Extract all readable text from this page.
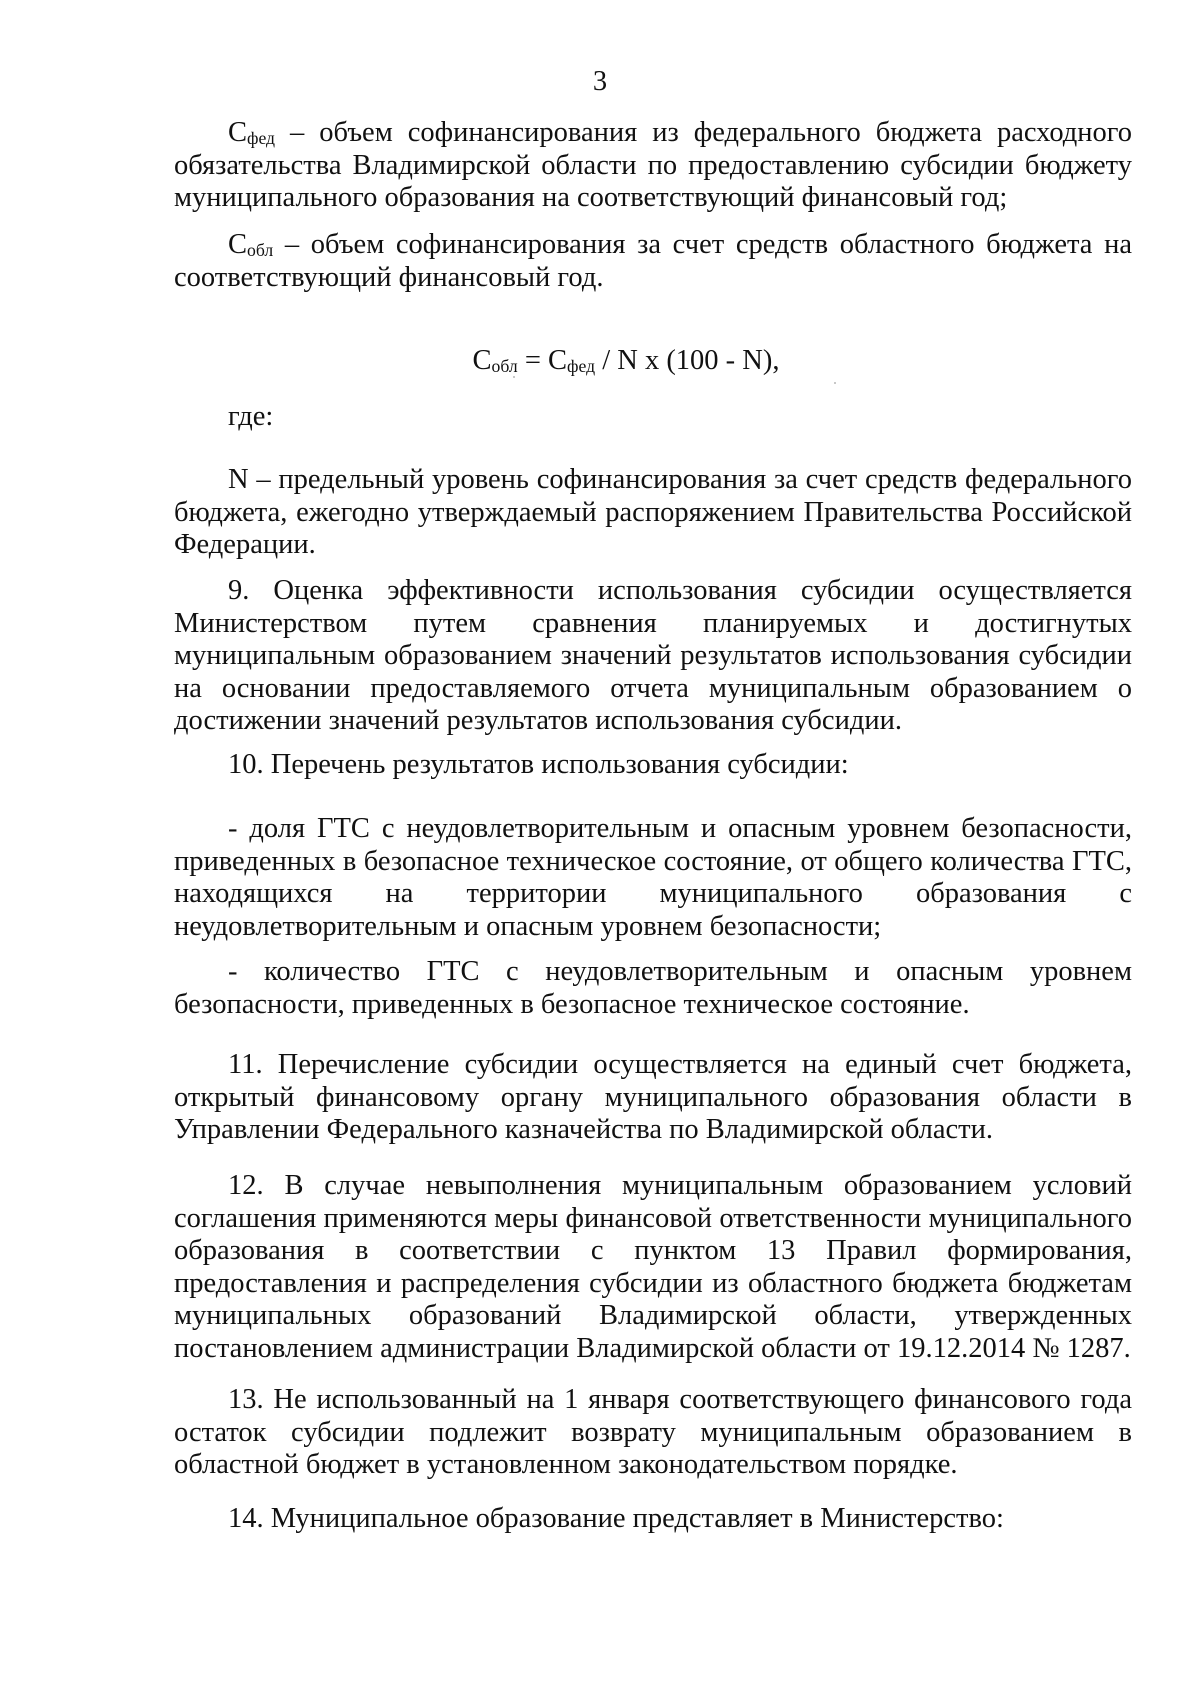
3

$С_{фед}$ – объем софинансирования из федерального бюджета расходного обязательства Владимирской области по предоставлению субсидии бюджету муниципального образования на соответствующий финансовый год;

$С_{обл}$ – объем софинансирования за счет средств областного бюджета на соответствующий финансовый год.

$С_{обл} = С_{фед} / N$ x (100 - N),

где:

N – предельный уровень софинансирования за счет средств федерального бюджета, ежегодно утверждаемый распоряжением Правительства Российской Федерации.

9. Оценка эффективности использования субсидии осуществляется Министерством путем сравнения планируемых и достигнутых муниципальным образованием значений результатов использования субсидии на основании предоставляемого отчета муниципальным образованием о достижении значений результатов использования субсидии.

10. Перечень результатов использования субсидии:

- доля ГТС с неудовлетворительным и опасным уровнем безопасности, приведенных в безопасное техническое состояние, от общего количества ГТС, находящихся на территории муниципального образования с неудовлетворительным и опасным уровнем безопасности;

- количество ГТС с неудовлетворительным и опасным уровнем безопасности, приведенных в безопасное техническое состояние.

11. Перечисление субсидии осуществляется на единый счет бюджета, открытый финансовому органу муниципального образования области в Управлении Федерального казначейства по Владимирской области.

12. В случае невыполнения муниципальным образованием условий соглашения применяются меры финансовой ответственности муниципального образования в соответствии с пунктом 13 Правил формирования, предоставления и распределения субсидии из областного бюджета бюджетам муниципальных образований Владимирской области, утвержденных постановлением администрации Владимирской области от 19.12.2014 № 1287.

13. Не использованный на 1 января соответствующего финансового года остаток субсидии подлежит возврату муниципальным образованием в областной бюджет в установленном законодательством порядке.

14. Муниципальное образование представляет в Министерство:
